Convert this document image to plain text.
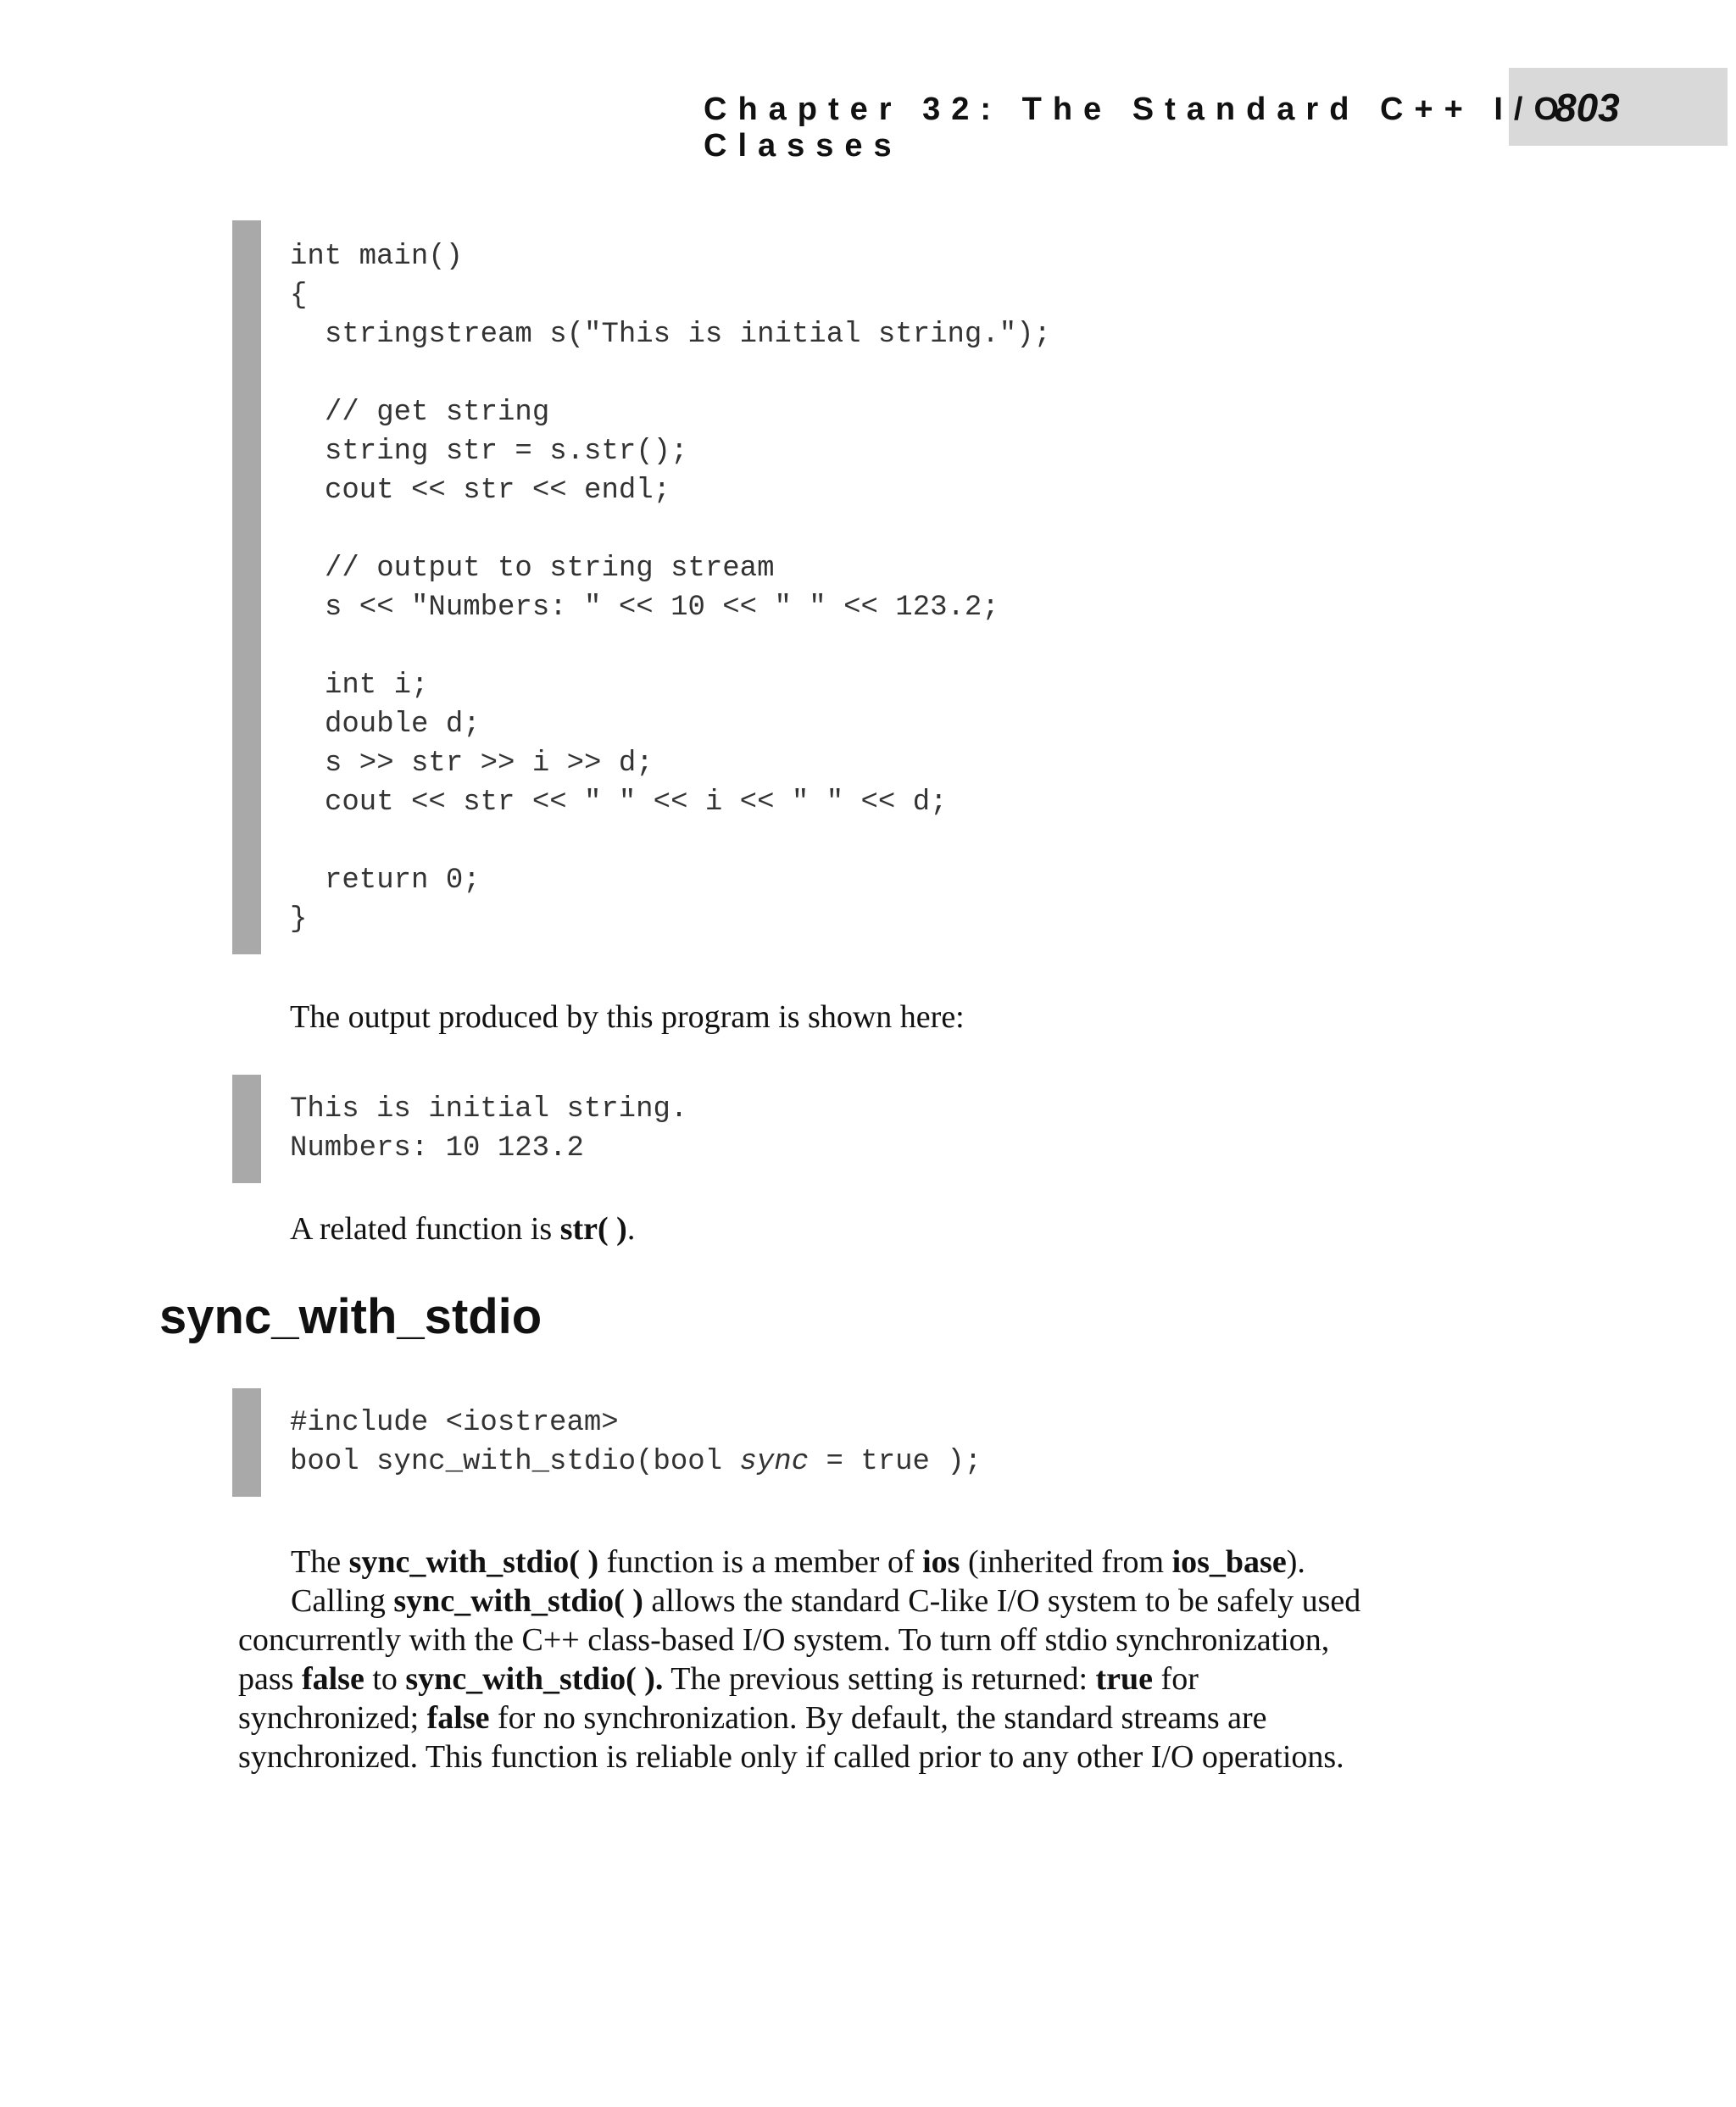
803
Chapter 32: The Standard C++ I/O Classes
int main()
{
stringstream s("This is initial string.");
// get string
string str = s.str();
cout << str << endl;
// output to string stream
s << "Numbers: " << 10 << " " << 123.2;
int i;
double d;
s >> str >> i >> d;
cout << str << " " << i << " " << d;
return 0;
}
The output produced by this program is shown here:
This is initial string.
Numbers: 10 123.2
A related function is str( ).
sync_with_stdio
#include <iostream>
bool sync_with_stdio(bool sync = true );
The sync_with_stdio( ) function is a member of ios (inherited from ios_base).
Calling sync_with_stdio( ) allows the standard C-like I/O system to be safely used
concurrently with the C++ class-based I/O system. To turn off stdio synchronization,
pass false to sync_with_stdio( ). The previous setting is returned: true for
synchronized; false for no synchronization. By default, the standard streams are
synchronized. This function is reliable only if called prior to any other I/O operations.
